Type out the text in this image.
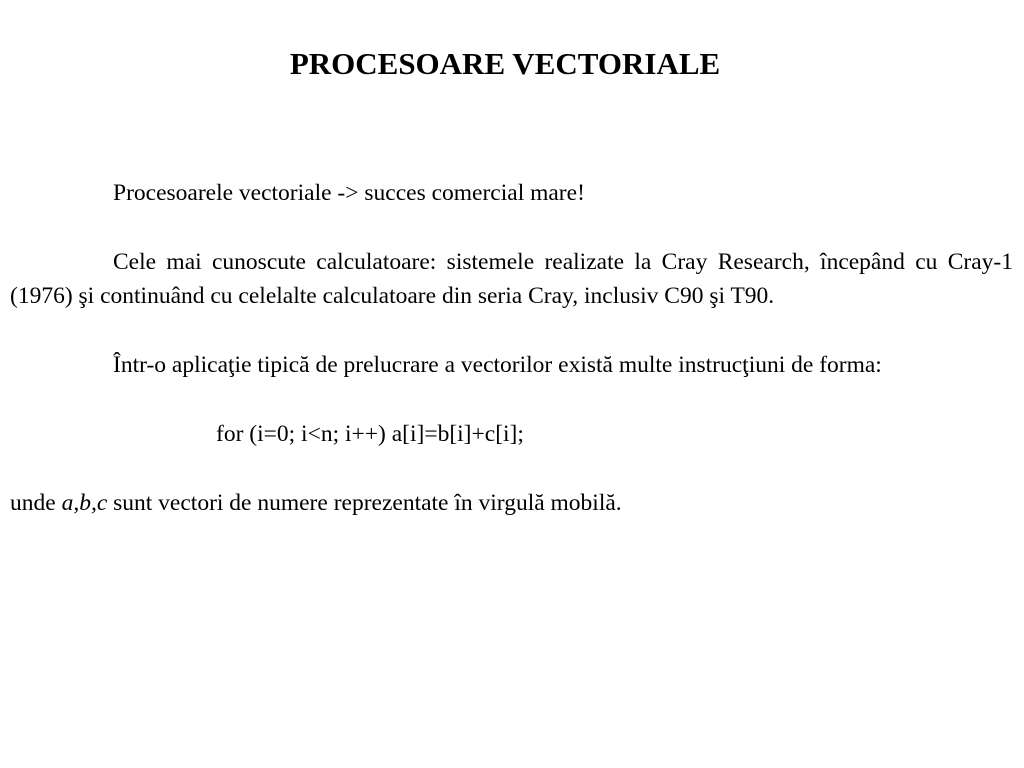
PROCESOARE VECTORIALE

Procesoarele vectoriale -> succes comercial mare!

Cele mai cunoscute calculatoare: sistemele realizate la Cray Research, începând cu Cray-1 (1976) şi continuând cu celelalte calculatoare din seria Cray, inclusiv C90 şi T90.

Într-o aplicaţie tipică de prelucrare a vectorilor există multe instrucţiuni de forma:

for (i=0; i<n; i++) a[i]=b[i]+c[i];

unde a,b,c sunt vectori de numere reprezentate în virgulă mobilă.
